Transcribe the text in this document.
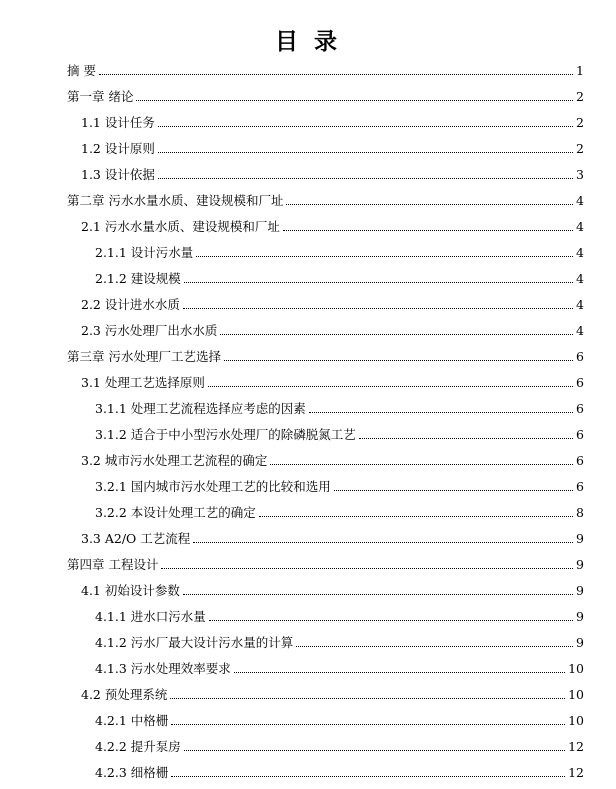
目 录
摘 要	1
第一章 绪论	2
1.1 设计任务	2
1.2 设计原则	2
1.3 设计依据	3
第二章 污水水量水质、建设规模和厂址	4
2.1 污水水量水质、建设规模和厂址	4
2.1.1 设计污水量	4
2.1.2 建设规模	4
2.2 设计进水水质	4
2.3 污水处理厂出水水质	4
第三章 污水处理厂工艺选择	6
3.1 处理工艺选择原则	6
3.1.1 处理工艺流程选择应考虑的因素	6
3.1.2 适合于中小型污水处理厂的除磷脱氮工艺	6
3.2 城市污水处理工艺流程的确定	6
3.2.1 国内城市污水处理工艺的比较和选用	6
3.2.2 本设计处理工艺的确定	8
3.3 A2/O 工艺流程	9
第四章 工程设计	9
4.1 初始设计参数	9
4.1.1 进水口污水量	9
4.1.2 污水厂最大设计污水量的计算	9
4.1.3 污水处理效率要求	10
4.2 预处理系统	10
4.2.1 中格栅	10
4.2.2 提升泵房	12
4.2.3 细格栅	12
